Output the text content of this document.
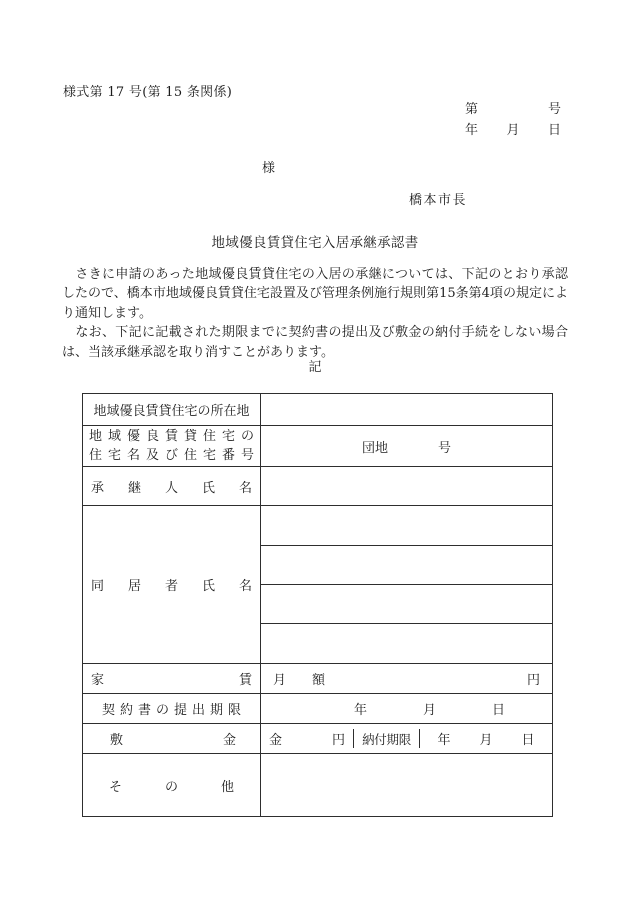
様式第 17 号(第 15 条関係)
第	号
年 月 日
様
橋本市長
地域優良賃貸住宅入居承継承認書

　さきに申請のあった地域優良賃貸住宅の入居の承継については、下記のとおり承認したので、橋本市地域優良賃貸住宅設置及び管理条例施行規則第15条第4項の規定により通知します。

　なお、下記に記載された期限までに契約書の提出及び敷金の納付手続をしない場合は、当該承継承認を取り消すことがあります。

記
地域優良賃貸住宅の所在地	

地 域 優 良 賃 貸 住 宅 の
住 宅 名 及 び 住 宅 番 号	団地	号

承 継 人 氏 名	
同 居 者 氏 名	

家 賃	月 額 円

契 約 書 の 提 出 期 限	年 月 日

敷 金	金	円	納付期限	年 月 日

そ の 他	
